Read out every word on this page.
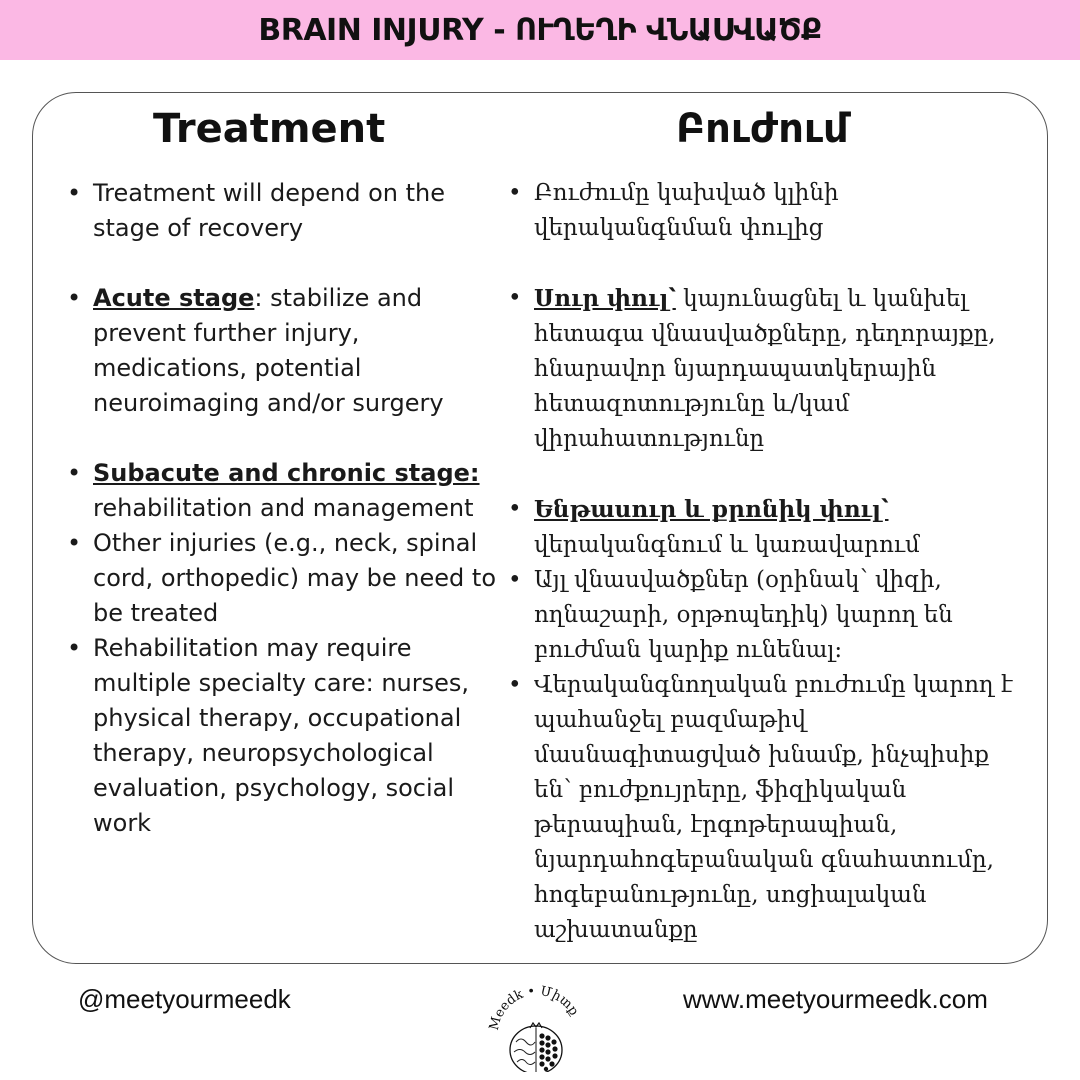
BRAIN INJURY - ՈՒՂԵՂԻ ՎՆԱՍՎԱԾՔ
Treatment	Բուժում
• Treatment will depend on the stage of recovery
• Acute stage: stabilize and prevent further injury, medications, potential neuroimaging and/or surgery
• Subacute and chronic stage: rehabilitation and management
• Other injuries (e.g., neck, spinal cord, orthopedic) may be need to be treated
• Rehabilitation may require multiple specialty care: nurses, physical therapy, occupational therapy, neuropsychological evaluation, psychology, social work
• Բուժումը կախված կլինի վերականգնման փուլից
• Սուր փուլ՝ կայունացնել և կանխել հետագա վնասվածքները, դեղորայքը, հնարավոր նյարդապատկերային հետազոտությունը և/կամ վիրահատությունը
• Ենթասուր և քրոնիկ փուլ՝ վերականգնում և կառավարում
• Այլ վնասվածքներ (օրինակ՝ վիզի, ողնաշարի, օրթոպեդիկ) կարող են բուժման կարիք ունենալ:
• Վերականգնողական բուժումը կարող է պահանջել բազմաթիվ մասնագիտացված խնամք, ինչպիսիք են՝ բուժքույրերը, ֆիզիկական թերապիան, էրգոթերապիան, նյարդահոգեբանական գնահատումը, հոգեբանությունը, սոցիալական աշխատանքը
@meetyourmeedk	www.meetyourmeedk.com
Meedk • Միտք
